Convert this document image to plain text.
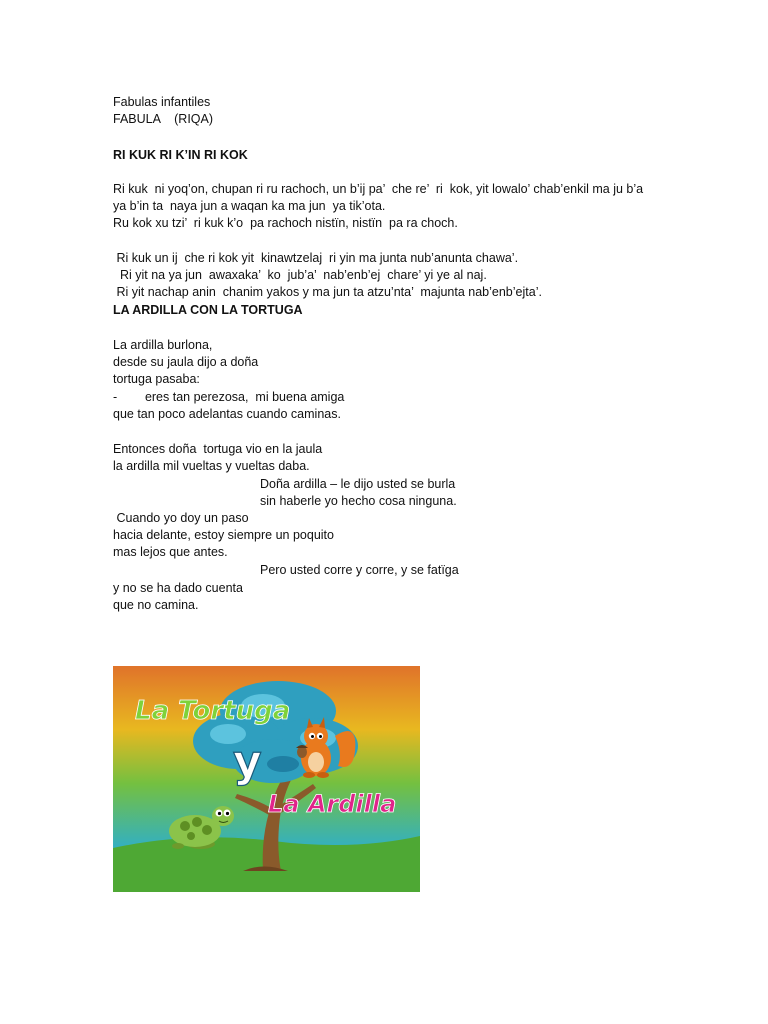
Fabulas infantiles
FABULA    (RIQA)
RI KUK RI K’IN RI KOK
Ri kuk  ni yoq’on, chupan ri ru rachoch, un b’ij pa’  che re’  ri  kok, yit lowalo’ chab’enkil ma ju b’a
ya b’in ta  naya jun a waqan ka ma jun  ya tik’ota.
Ru kok xu tzi’  ri kuk k’o  pa rachoch nistïn, nistïn  pa ra choch.
Ri kuk un ij  che ri kok yit  kinawtzelaj  ri yin ma junta nub’anunta chawa’.
Ri yit na ya jun  awaxaka’  ko  jub’a’  nab’enb’ej  chare’ yi ye al naj.
Ri yit nachap anin  chanim yakos y ma jun ta atzu’nta’  majunta nab’enb’ejta’.
LA ARDILLA CON LA TORTUGA
La ardilla burlona,
desde su jaula dijo a doña
tortuga pasaba:
-        eres tan perezosa,  mi buena amiga
que tan poco adelantas cuando caminas.
Entonces doña  tortuga vio en la jaula
la ardilla mil vueltas y vueltas daba.
Doña ardilla – le dijo usted se burla
sin haberle yo hecho cosa ninguna.
Cuando yo doy un paso
hacia delante, estoy siempre un poquito
mas lejos que antes.
Pero usted corre y corre, y se fatïga
y no se ha dado cuenta
que no camina.
La Tortuga
y
La Ardilla
